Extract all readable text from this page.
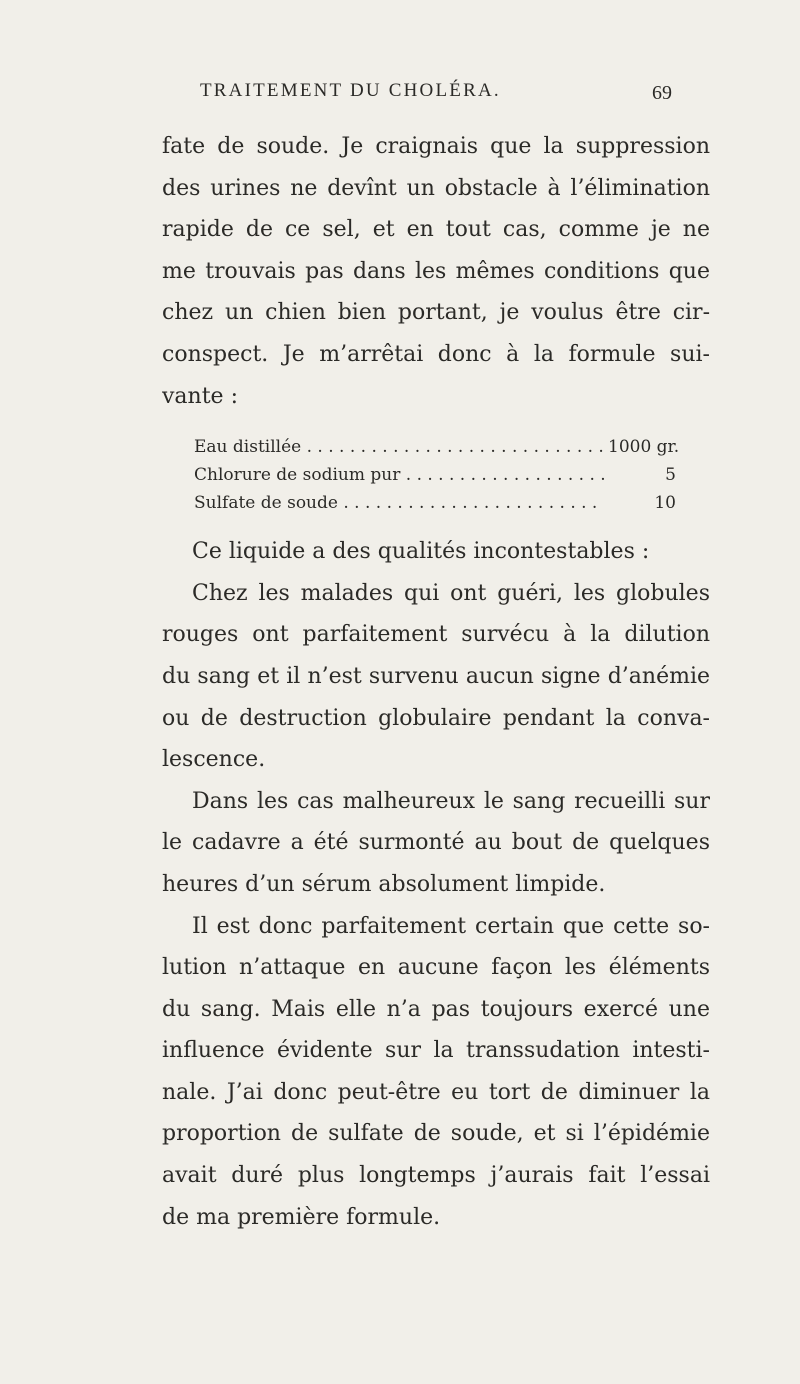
TRAITEMENT DU CHOLÉRA.	69
fate de soude. Je craignais que la suppression
des urines ne devînt un obstacle à l’élimination
rapide de ce sel, et en tout cas, comme je ne
me trouvais pas dans les mêmes conditions que
chez un chien bien portant, je voulus être cir-
conspect. Je m’arrêtai donc à la formule sui-
vante :
Eau distillée . . .	1000 gr.
Chlorure de sodium pur . . .	5
Sulfate de soude . . .	10
Ce liquide a des qualités incontestables :
Chez les malades qui ont guéri, les globules
rouges ont parfaitement survécu à la dilution
du sang et il n’est survenu aucun signe d’anémie
ou de destruction globulaire pendant la conva-
lescence.
Dans les cas malheureux le sang recueilli sur
le cadavre a été surmonté au bout de quelques
heures d’un sérum absolument limpide.
Il est donc parfaitement certain que cette so-
lution n’attaque en aucune façon les éléments
du sang. Mais elle n’a pas toujours exercé une
influence évidente sur la transsudation intesti-
nale. J’ai donc peut-être eu tort de diminuer la
proportion de sulfate de soude, et si l’épidémie
avait duré plus longtemps j’aurais fait l’essai
de ma première formule.
